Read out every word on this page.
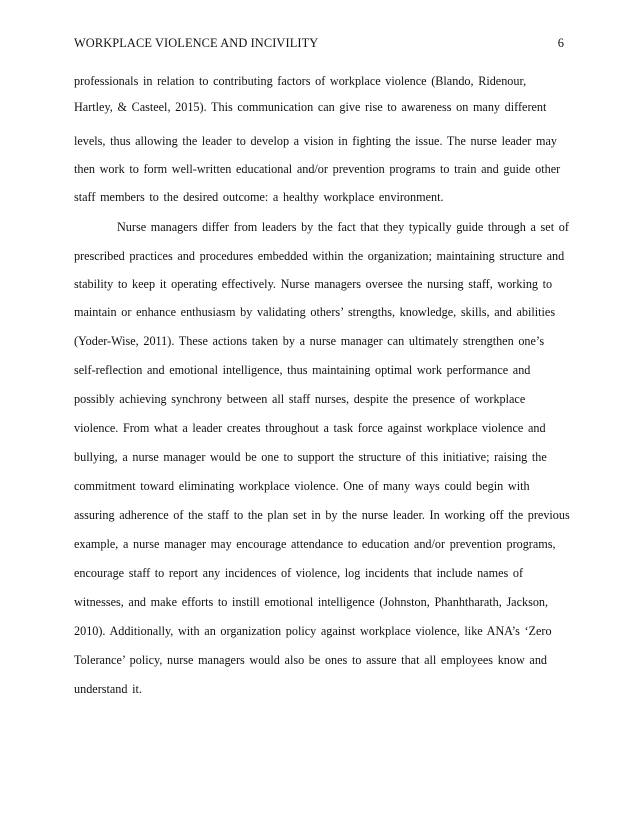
WORKPLACE VIOLENCE AND INCIVILITY	6
professionals in relation to contributing factors of workplace violence (Blando, Ridenour,
Hartley, & Casteel, 2015). This communication can give rise to awareness on many different
levels, thus allowing the leader to develop a vision in fighting the issue. The nurse leader may
then work to form well-written educational and/or prevention programs to train and guide other
staff members to the desired outcome: a healthy workplace environment.
Nurse managers differ from leaders by the fact that they typically guide through a set of
prescribed practices and procedures embedded within the organization; maintaining structure and
stability to keep it operating effectively. Nurse managers oversee the nursing staff, working to
maintain or enhance enthusiasm by validating others’ strengths, knowledge, skills, and abilities
(Yoder-Wise, 2011). These actions taken by a nurse manager can ultimately strengthen one’s
self-reflection and emotional intelligence, thus maintaining optimal work performance and
possibly achieving synchrony between all staff nurses, despite the presence of workplace
violence. From what a leader creates throughout a task force against workplace violence and
bullying, a nurse manager would be one to support the structure of this initiative; raising the
commitment toward eliminating workplace violence. One of many ways could begin with
assuring adherence of the staff to the plan set in by the nurse leader. In working off the previous
example, a nurse manager may encourage attendance to education and/or prevention programs,
encourage staff to report any incidences of violence, log incidents that include names of
witnesses, and make efforts to instill emotional intelligence (Johnston, Phanhtharath, Jackson,
2010). Additionally, with an organization policy against workplace violence, like ANA’s ‘Zero
Tolerance’ policy, nurse managers would also be ones to assure that all employees know and
understand it.
